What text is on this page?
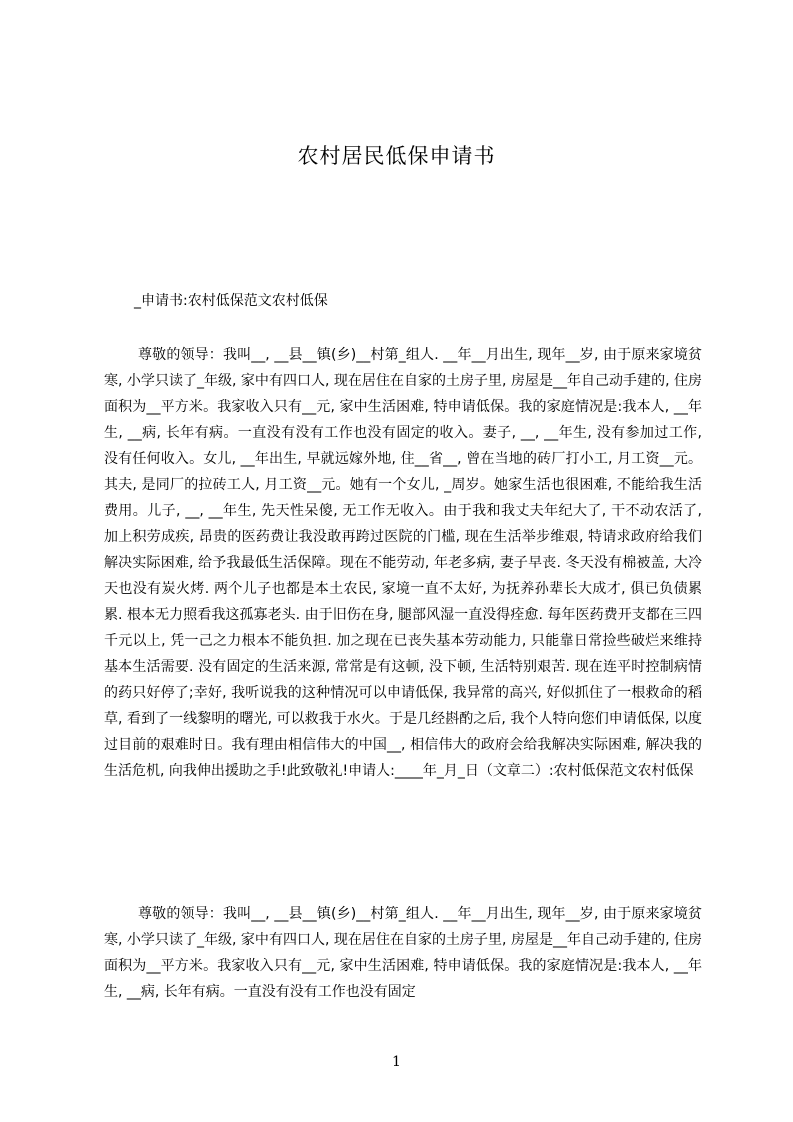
农村居民低保申请书
_申请书:农村低保范文农村低保

尊敬的领导：我叫__, __县__镇(乡)__村第_组人. __年__月出生, 现年__岁, 由于原来家境贫寒, 小学只读了_年级, 家中有四口人, 现在居住在自家的土房子里, 房屋是__年自己动手建的, 住房面积为__平方米。我家收入只有__元, 家中生活困难, 特申请低保。我的家庭情况是:我本人, __年生, __病, 长年有病。一直没有没有工作也没有固定的收入。妻子, __, __年生, 没有参加过工作, 没有任何收入。女儿, __年出生, 早就远嫁外地, 住__省__, 曾在当地的砖厂打小工, 月工资__元。其夫, 是同厂的拉砖工人, 月工资__元。她有一个女儿, _周岁。她家生活也很困难, 不能给我生活费用。儿子, __, __年生, 先天性呆傻, 无工作无收入。由于我和我丈夫年纪大了, 干不动农活了, 加上积劳成疾, 昂贵的医药费让我没敢再跨过医院的门槛, 现在生活举步维艰, 特请求政府给我们解决实际困难, 给予我最低生活保障。现在不能劳动, 年老多病, 妻子早丧. 冬天没有棉被盖, 大冷天也没有炭火烤. 两个儿子也都是本土农民, 家境一直不太好, 为抚养孙辈长大成才, 俱已负债累累. 根本无力照看我这孤寡老头. 由于旧伤在身, 腿部风湿一直没得痊愈. 每年医药费开支都在三四千元以上, 凭一己之力根本不能负担. 加之现在已丧失基本劳动能力, 只能靠日常捡些破烂来维持基本生活需要. 没有固定的生活来源, 常常是有这顿, 没下顿, 生活特别艰苦. 现在连平时控制病情的药只好停了;幸好, 我听说我的这种情况可以申请低保, 我异常的高兴, 好似抓住了一根救命的稻草, 看到了一线黎明的曙光, 可以救我于水火。于是几经斟酌之后, 我个人特向您们申请低保, 以度过目前的艰难时日。我有理由相信伟大的中国__, 相信伟大的政府会给我解决实际困难, 解决我的生活危机, 向我伸出援助之手!此致敬礼!申请人:____年_月_日（文章二）:农村低保范文农村低保

尊敬的领导：我叫__, __县__镇(乡)__村第_组人. __年__月出生, 现年__岁, 由于原来家境贫寒, 小学只读了_年级, 家中有四口人, 现在居住在自家的土房子里, 房屋是__年自己动手建的, 住房面积为__平方米。我家收入只有__元, 家中生活困难, 特申请低保。我的家庭情况是:我本人, __年生, __病, 长年有病。一直没有没有工作也没有固定

1
